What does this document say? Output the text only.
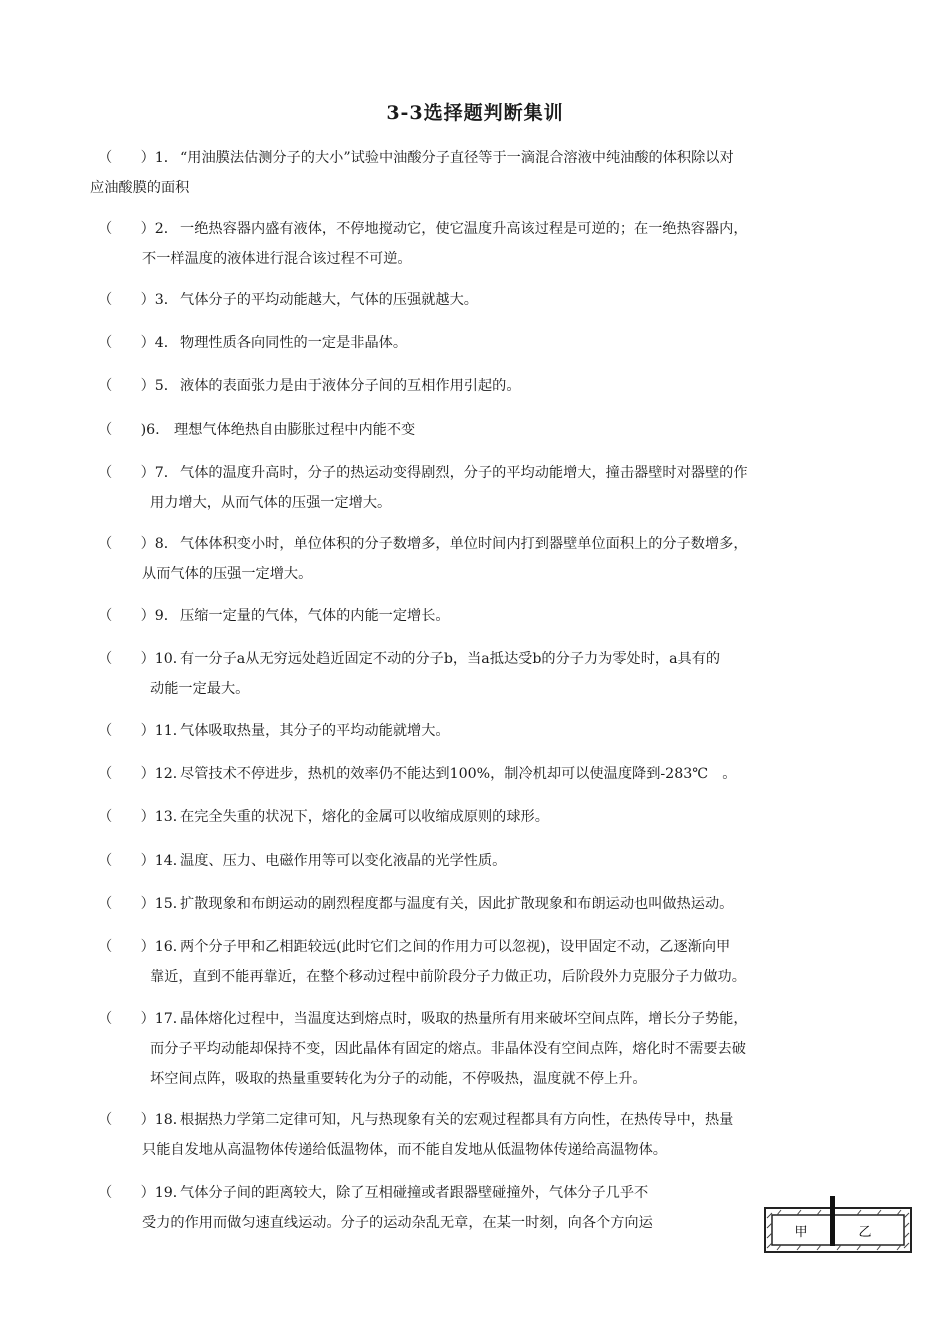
3-3选择题判断集训
（　　）1． “用油膜法估测分子的大小”试验中油酸分子直径等于一滴混合溶液中纯油酸的体积除以对
应油酸膜的面积
（　　）2． 一绝热容器内盛有液体，不停地搅动它，使它温度升高该过程是可逆的；在一绝热容器内，
不一样温度的液体进行混合该过程不可逆。
（　　）3． 气体分子的平均动能越大，气体的压强就越大。
（　　）4． 物理性质各向同性的一定是非晶体。
（　　）5． 液体的表面张力是由于液体分子间的互相作用引起的。
（　　)6. 理想气体绝热自由膨胀过程中内能不变
（　　）7． 气体的温度升高时，分子的热运动变得剧烈，分子的平均动能增大，撞击器壁时对器壁的作
用力增大，从而气体的压强一定增大。
（　　）8． 气体体积变小时，单位体积的分子数增多，单位时间内打到器壁单位面积上的分子数增多，
从而气体的压强一定增大。
（　　）9． 压缩一定量的气体，气体的内能一定增长。
（　　）10．有一分子a从无穷远处趋近固定不动的分子b，当a抵达受b的分子力为零处时，a具有的
动能一定最大。
（　　）11．气体吸取热量，其分子的平均动能就增大。
（　　）12．尽管技术不停进步，热机的效率仍不能达到100%，制冷机却可以使温度降到-283℃　。
（　　）13．在完全失重的状况下，熔化的金属可以收缩成原则的球形。
（　　）14．温度、压力、电磁作用等可以变化液晶的光学性质。
（　　）15．扩散现象和布朗运动的剧烈程度都与温度有关，因此扩散现象和布朗运动也叫做热运动。
（　　）16．两个分子甲和乙相距较远(此时它们之间的作用力可以忽视)，设甲固定不动，乙逐渐向甲
靠近，直到不能再靠近，在整个移动过程中前阶段分子力做正功，后阶段外力克服分子力做功。
（　　）17．晶体熔化过程中，当温度达到熔点时，吸取的热量所有用来破坏空间点阵，增长分子势能，
而分子平均动能却保持不变，因此晶体有固定的熔点。非晶体没有空间点阵，熔化时不需要去破
坏空间点阵，吸取的热量重要转化为分子的动能，不停吸热，温度就不停上升。
（　　）18．根据热力学第二定律可知，凡与热现象有关的宏观过程都具有方向性，在热传导中，热量
只能自发地从高温物体传递给低温物体，而不能自发地从低温物体传递给高温物体。
（　　）19．气体分子间的距离较大，除了互相碰撞或者跟器壁碰撞外，气体分子几乎不
受力的作用而做匀速直线运动。分子的运动杂乱无章，在某一时刻，向各个方向运
甲	乙
